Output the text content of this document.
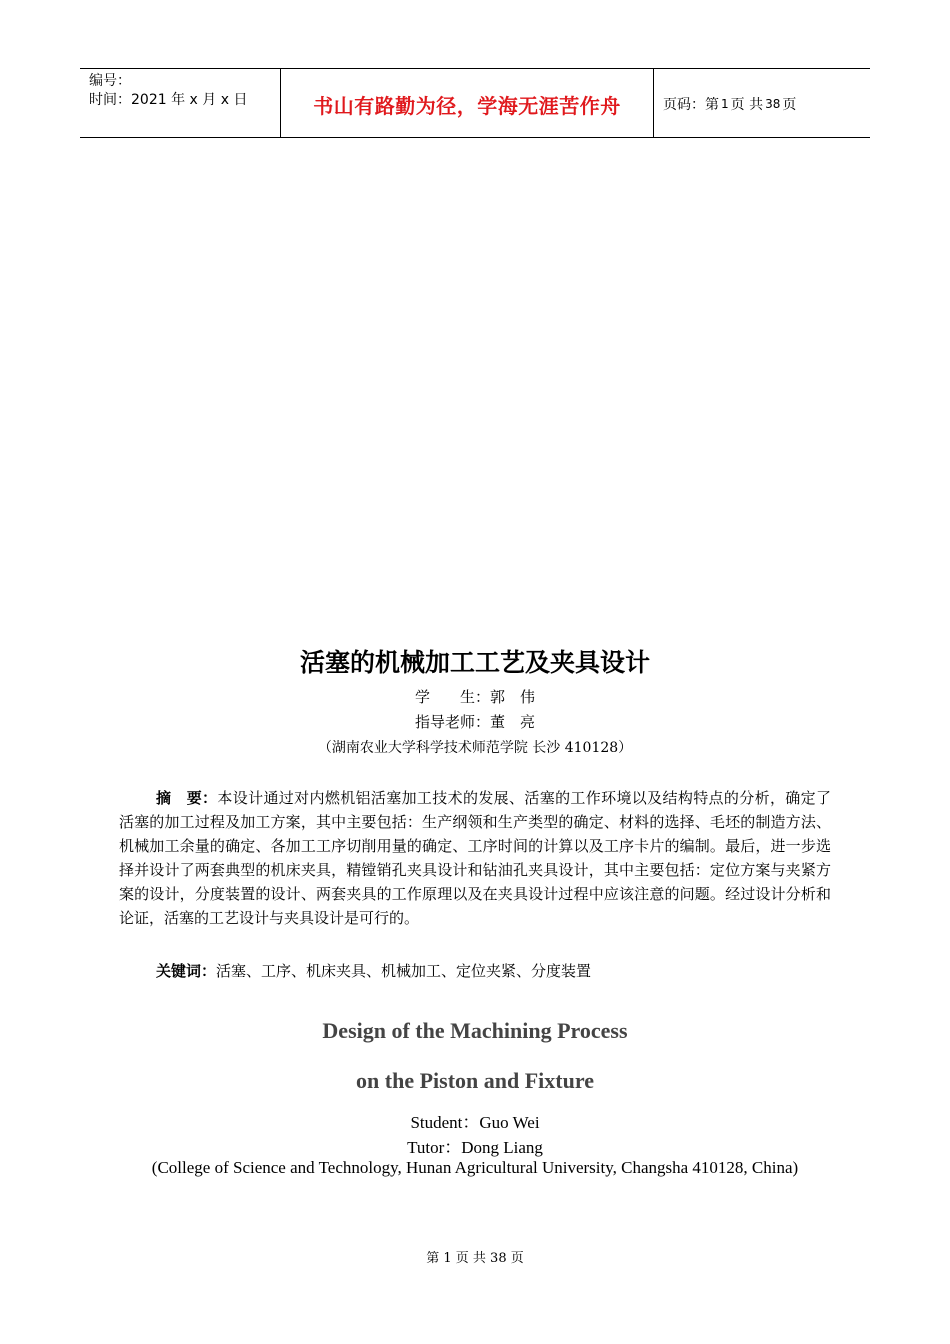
编号：
时间：2021 年 x 月 x 日	书山有路勤为径，学海无涯苦作舟	页码：第 1 页 共 38 页
活塞的机械加工工艺及夹具设计
学　　生：郭　伟
指导老师：董　亮
（湖南农业大学科学技术师范学院 长沙 410128）
摘　要：本设计通过对内燃机铝活塞加工技术的发展、活塞的工作环境以及结构特点的分析，确定了活塞的加工过程及加工方案，其中主要包括：生产纲领和生产类型的确定、材料的选择、毛坯的制造方法、机械加工余量的确定、各加工工序切削用量的确定、工序时间的计算以及工序卡片的编制。最后，进一步选择并设计了两套典型的机床夹具，精镗销孔夹具设计和钻油孔夹具设计，其中主要包括：定位方案与夹紧方案的设计，分度装置的设计、两套夹具的工作原理以及在夹具设计过程中应该注意的问题。经过设计分析和论证，活塞的工艺设计与夹具设计是可行的。
关键词：活塞、工序、机床夹具、机械加工、定位夹紧、分度装置
Design of the Machining Process
on the Piston and Fixture
Student：Guo Wei
Tutor：Dong Liang
(College of Science and Technology, Hunan Agricultural University, Changsha 410128, China)
第 1 页 共 38 页
